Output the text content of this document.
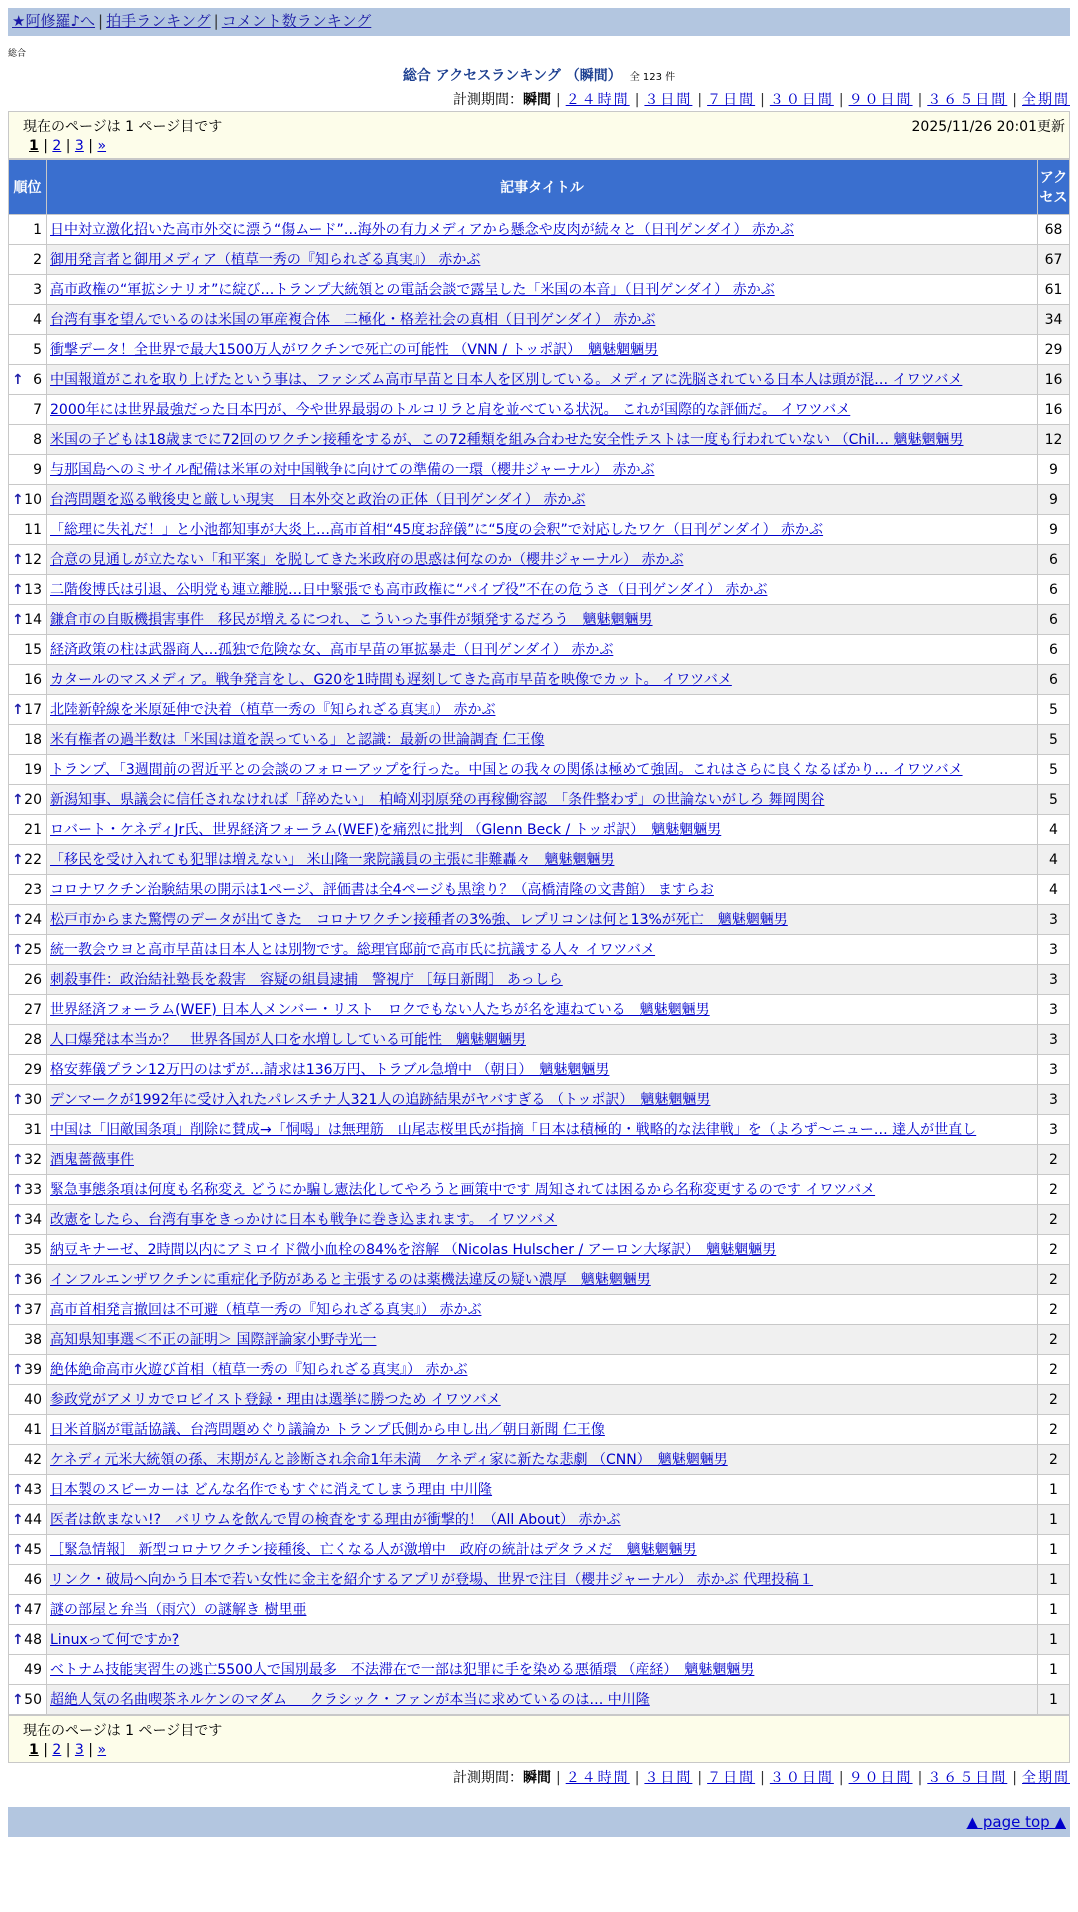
★阿修羅♪へ | 拍手ランキング | コメント数ランキング
総合
総合 アクセスランキング （瞬間） 全 123 件
計測期間：瞬間 | ２４時間 | ３日間 | ７日間 | ３０日間 | ９０日間 | ３６５日間 | 全期間
現在のページは 1 ページ目です	2025/11/26 20:01更新
1 | 2 | 3 | »
順位	記事タイトル	アクセス
1	日中対立激化招いた高市外交に漂う“傷ムード”…海外の有力メディアから懸念や皮肉が続々と（日刊ゲンダイ） 赤かぶ	68
2	御用発言者と御用メディア（植草一秀の『知られざる真実』） 赤かぶ	67
3	高市政権の“軍拡シナリオ”に綻び…トランプ大統領との電話会談で露呈した「米国の本音」（日刊ゲンダイ） 赤かぶ	61
4	台湾有事を望んでいるのは米国の軍産複合体　二極化・格差社会の真相（日刊ゲンダイ） 赤かぶ	34
5	衝撃データ！全世界で最大1500万人がワクチンで死亡の可能性 （VNN / トッポ訳）　魑魅魍魎男	29

↑ 6	中国報道がこれを取り上げたという事は、ファシズム高市早苗と日本人を区別している。メディアに洗脳されている日本人は頭が混… イワツバメ	16
7	2000年には世界最強だった日本円が、今や世界最弱のトルコリラと肩を並べている状況。 これが国際的な評価だ。 イワツバメ	16
8	米国の子どもは18歳までに72回のワクチン接種をするが、この72種類を組み合わせた安全性テストは一度も行われていない （Chil… 魑魅魍魎男	12
9	与那国島へのミサイル配備は米軍の対中国戦争に向けての準備の一環（櫻井ジャーナル） 赤かぶ	9

↑ 10	台湾問題を巡る戦後史と厳しい現実　日本外交と政治の正体（日刊ゲンダイ） 赤かぶ	9
11	「総理に失礼だ！」と小池都知事が大炎上…高市首相“45度お辞儀”に“5度の会釈”で対応したワケ（日刊ゲンダイ） 赤かぶ	9

↑ 12	合意の見通しが立たない「和平案」を脱してきた米政府の思惑は何なのか（櫻井ジャーナル） 赤かぶ	6

↑ 13	二階俊博氏は引退、公明党も連立離脱…日中緊張でも高市政権に“パイプ役”不在の危うさ（日刊ゲンダイ） 赤かぶ	6

↑ 14	鎌倉市の自販機損害事件　移民が増えるにつれ、こういった事件が頻発するだろう　魑魅魍魎男	6
15	経済政策の柱は武器商人…孤独で危険な女、高市早苗の軍拡暴走（日刊ゲンダイ） 赤かぶ	6
16	カタールのマスメディア。戦争発言をし、G20を1時間も遅刻してきた高市早苗を映像でカット。 イワツバメ	6

↑ 17	北陸新幹線を米原延伸で決着（植草一秀の『知られざる真実』） 赤かぶ	5
18	米有権者の過半数は「米国は道を誤っている」と認識：最新の世論調査 仁王像	5
19	トランプ、「3週間前の習近平との会談のフォローアップを行った。中国との我々の関係は極めて強固。これはさらに良くなるばかり… イワツバメ	5

↑ 20	新潟知事、県議会に信任されなければ「辞めたい」　柏崎刈羽原発の再稼働容認　「条件整わず」の世論ないがしろ 舞岡関谷	5
21	ロバート・ケネディJr氏、世界経済フォーラム(WEF)を痛烈に批判 （Glenn Beck / トッポ訳）　魑魅魍魎男	4

↑ 22	「移民を受け入れても犯罪は増えない」 米山隆一衆院議員の主張に非難轟々　魑魅魍魎男	4
23	コロナワクチン治験結果の開示は1ページ、評価書は全4ページも黒塗り？（高橋清隆の文書館） ますらお	4

↑ 24	松戸市からまた驚愕のデータが出てきた　コロナワクチン接種者の3%強、レプリコンは何と13%が死亡　魑魅魍魎男	3

↑ 25	統一教会ウヨと高市早苗は日本人とは別物です。総理官邸前で高市氏に抗議する人々 イワツバメ	3
26	刺殺事件：政治結社塾長を殺害　容疑の組員逮捕　警視庁 ［毎日新聞］ あっしら	3
27	世界経済フォーラム(WEF) 日本人メンバー・リスト　ロクでもない人たちが名を連ねている　魑魅魍魎男	3
28	人口爆発は本当か？　世界各国が人口を水増ししている可能性　魑魅魍魎男	3
29	格安葬儀プラン12万円のはずが…請求は136万円、トラブル急増中 （朝日）　魑魅魍魎男	3

↑ 30	デンマークが1992年に受け入れたパレスチナ人321人の追跡結果がヤバすぎる （トッポ訳）　魑魅魍魎男	3
31	中国は「旧敵国条項」削除に賛成→「恫喝」は無理筋　山尾志桜里氏が指摘「日本は積極的・戦略的な法律戦」を（よろず〜ニュー… 達人が世直し	3

↑ 32	酒鬼薔薇事件	2

↑ 33	緊急事態条項は何度も名称変え どうにか騙し憲法化してやろうと画策中です 周知されては困るから名称変更するのです イワツバメ	2

↑ 34	改憲をしたら、台湾有事をきっかけに日本も戦争に巻き込まれます。 イワツバメ	2
35	納豆キナーゼ、2時間以内にアミロイド微小血栓の84%を溶解 （Nicolas Hulscher / アーロン大塚訳）　魑魅魍魎男	2

↑ 36	インフルエンザワクチンに重症化予防があると主張するのは薬機法違反の疑い濃厚　魑魅魍魎男	2

↑ 37	高市首相発言撤回は不可避（植草一秀の『知られざる真実』） 赤かぶ	2
38	高知県知事選＜不正の証明＞ 国際評論家小野寺光一	2

↑ 39	絶体絶命高市火遊び首相（植草一秀の『知られざる真実』） 赤かぶ	2
40	参政党がアメリカでロビイスト登録・理由は選挙に勝つため イワツバメ	2
41	日米首脳が電話協議、台湾問題めぐり議論か トランプ氏側から申し出／朝日新聞 仁王像	2
42	ケネディ元米大統領の孫、末期がんと診断され余命1年未満　ケネディ家に新たな悲劇 （CNN）　魑魅魍魎男	2

↑ 43	日本製のスピーカーは どんな名作でもすぐに消えてしまう理由 中川隆	1

↑ 44	医者は飲まない!?　バリウムを飲んで胃の検査をする理由が衝撃的！（All About） 赤かぶ	1

↑ 45	［緊急情報］ 新型コロナワクチン接種後、亡くなる人が激増中　政府の統計はデタラメだ　魑魅魍魎男	1
46	リンク・破局へ向かう日本で若い女性に金主を紹介するアプリが登場、世界で注目（櫻井ジャーナル） 赤かぶ 代理投稿１	1

↑ 47	謎の部屋と弁当（雨穴）の謎解き 樹里亜	1

↑ 48	Linuxって何ですか?	1
49	ベトナム技能実習生の逃亡5500人で国別最多　不法滞在で一部は犯罪に手を染める悪循環 （産経）　魑魅魍魎男	1

↑ 50	超絶人気の名曲喫茶ネルケンのマダム ＿ クラシック・ファンが本当に求めているのは… 中川隆	1
現在のページは 1 ページ目です
1 | 2 | 3 | »
計測期間：瞬間 | ２４時間 | ３日間 | ７日間 | ３０日間 | ９０日間 | ３６５日間 | 全期間
▲ page top ▲
